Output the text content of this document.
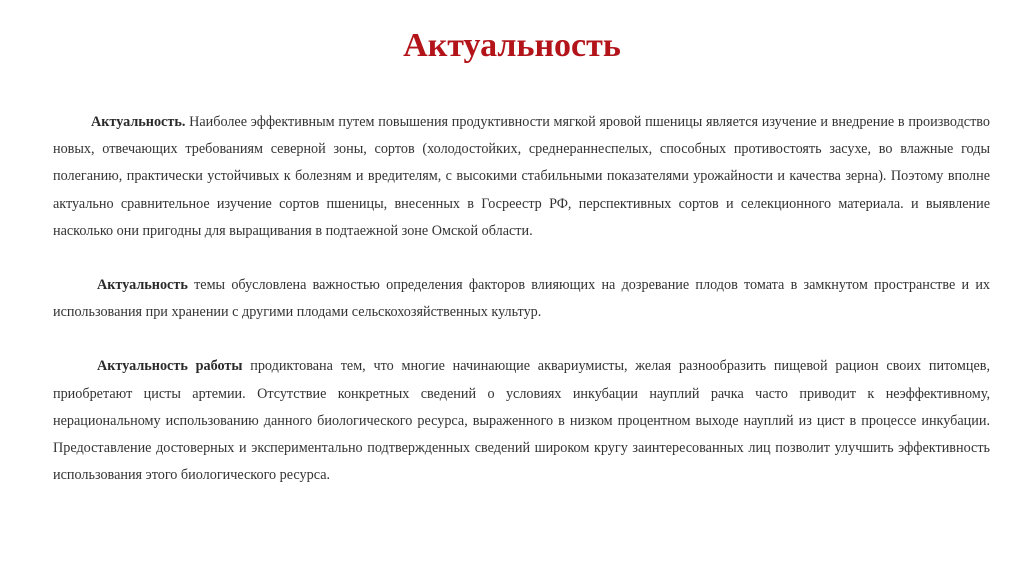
Актуальность

Актуальность. Наиболее эффективным путем повышения продуктивности мягкой яровой пшеницы является изучение и внедрение в производство новых, отвечающих требованиям северной зоны, сортов (холодостойких, среднераннеспелых, способных противостоять засухе, во влажные годы полеганию, практически устойчивых к болезням и вредителям, с высокими стабильными показателями урожайности и качества зерна). Поэтому вполне актуально сравнительное изучение сортов пшеницы, внесенных в Госреестр РФ, перспективных сортов и селекционного материала. и выявление насколько они пригодны для выращивания в подтаежной зоне Омской области.

Актуальность темы обусловлена важностью определения факторов влияющих на дозревание плодов томата в замкнутом пространстве и их использования при хранении с другими плодами сельскохозяйственных культур.

Актуальность работы продиктована тем, что многие начинающие аквариумисты, желая разнообразить пищевой рацион своих питомцев, приобретают цисты артемии. Отсутствие конкретных сведений о условиях инкубации науплий рачка часто приводит к неэффективному, нерациональному использованию данного биологического ресурса, выраженного в низком процентном выходе науплий из цист в процессе инкубации. Предоставление достоверных и экспериментально подтвержденных сведений широком кругу заинтересованных лиц позволит улучшить эффективность использования этого биологического ресурса.
